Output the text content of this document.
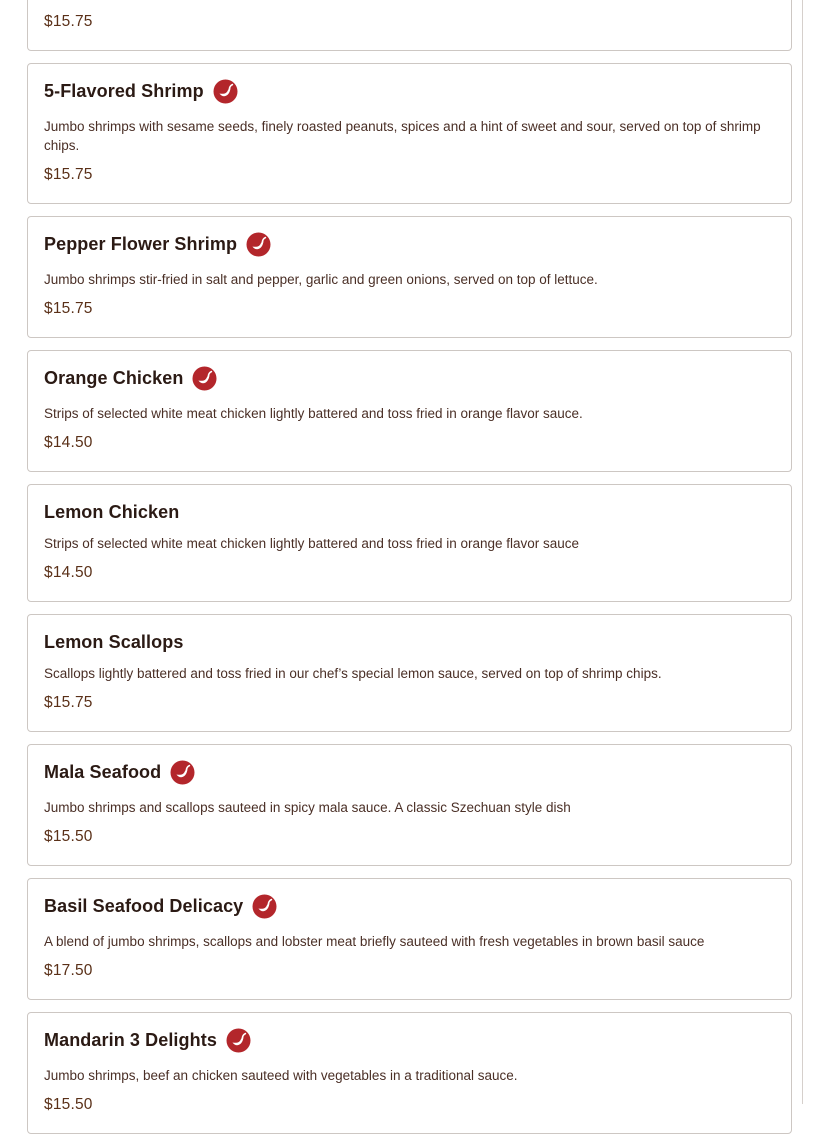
$15.75
5-Flavored Shrimp
Jumbo shrimps with sesame seeds, finely roasted peanuts, spices and a hint of sweet and sour, served on top of shrimp chips.
$15.75
Pepper Flower Shrimp
Jumbo shrimps stir-fried in salt and pepper, garlic and green onions, served on top of lettuce.
$15.75
Orange Chicken
Strips of selected white meat chicken lightly battered and toss fried in orange flavor sauce.
$14.50
Lemon Chicken
Strips of selected white meat chicken lightly battered and toss fried in orange flavor sauce
$14.50
Lemon Scallops
Scallops lightly battered and toss fried in our chef’s special lemon sauce, served on top of shrimp chips.
$15.75
Mala Seafood
Jumbo shrimps and scallops sauteed in spicy mala sauce. A classic Szechuan style dish
$15.50
Basil Seafood Delicacy
A blend of jumbo shrimps, scallops and lobster meat briefly sauteed with fresh vegetables in brown basil sauce
$17.50
Mandarin 3 Delights
Jumbo shrimps, beef an chicken sauteed with vegetables in a traditional sauce.
$15.50
